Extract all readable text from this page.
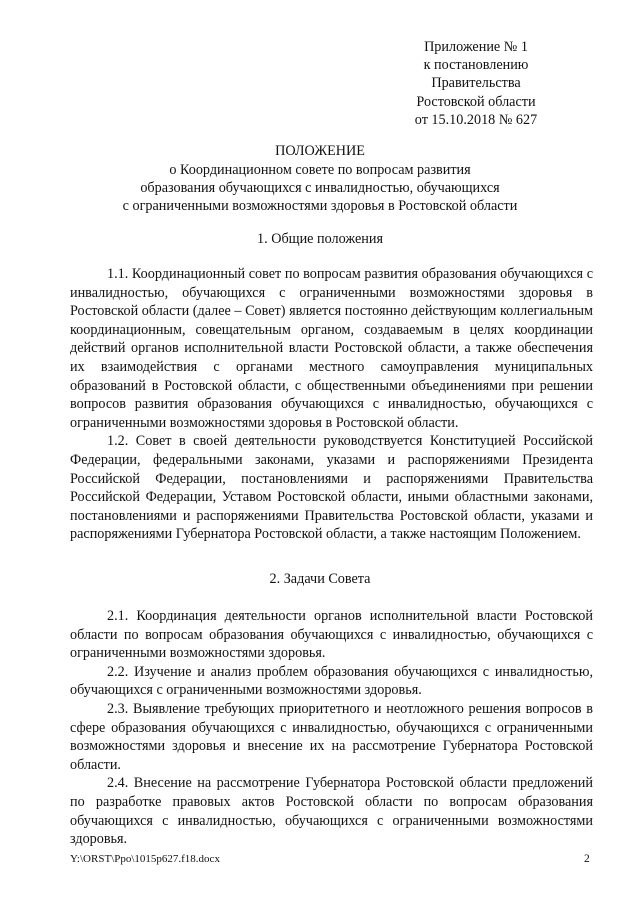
Приложение № 1
к постановлению
Правительства
Ростовской области
от 15.10.2018 № 627
ПОЛОЖЕНИЕ
о Координационном совете по вопросам развития
образования обучающихся с инвалидностью, обучающихся
с ограниченными возможностями здоровья в Ростовской области
1. Общие положения

1.1. Координационный совет по вопросам развития образования обучающихся с инвалидностью, обучающихся с ограниченными возможностями здоровья в Ростовской области (далее – Совет) является постоянно действующим коллегиальным координационным, совещательным органом, создаваемым в целях координации действий органов исполнительной власти Ростовской области, а также обеспечения их взаимодействия с органами местного самоуправления муниципальных образований в Ростовской области, с общественными объединениями при решении вопросов развития образования обучающихся с инвалидностью, обучающихся с ограниченными возможностями здоровья в Ростовской области.

1.2. Совет в своей деятельности руководствуется Конституцией Российской Федерации, федеральными законами, указами и распоряжениями Президента Российской Федерации, постановлениями и распоряжениями Правительства Российской Федерации, Уставом Ростовской области, иными областными законами, постановлениями и распоряжениями Правительства Ростовской области, указами и распоряжениями Губернатора Ростовской области, а также настоящим Положением.

2. Задачи Совета

2.1. Координация деятельности органов исполнительной власти Ростовской области по вопросам образования обучающихся с инвалидностью, обучающихся с ограниченными возможностями здоровья.

2.2. Изучение и анализ проблем образования обучающихся с инвалидностью, обучающихся с ограниченными возможностями здоровья.

2.3. Выявление требующих приоритетного и неотложного решения вопросов в сфере образования обучающихся с инвалидностью, обучающихся с ограниченными возможностями здоровья и внесение их на рассмотрение Губернатора Ростовской области.

2.4. Внесение на рассмотрение Губернатора Ростовской области предложений по разработке правовых актов Ростовской области по вопросам образования обучающихся с инвалидностью, обучающихся с ограниченными возможностями здоровья.

Y:\ORST\Ppo\1015p627.f18.docx	2
